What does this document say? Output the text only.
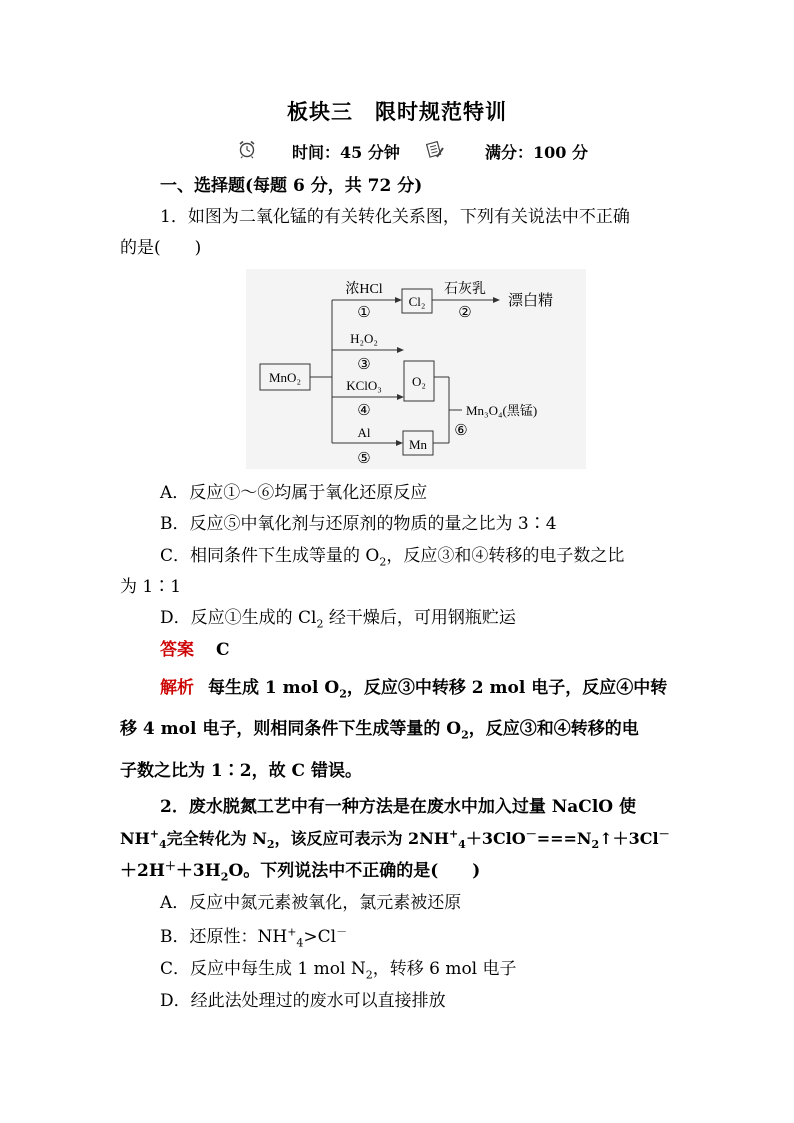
板块三　限时规范特训
时间：45 分钟	满分：100 分
一、选择题(每题 6 分，共 72 分)
1．如图为二氧化锰的有关转化关系图，下列有关说法中不正确
的是(　　)
MnO₂
Cl₂
O₂
Mn
浓HCl
①
石灰乳
②
漂白精
H₂O₂
③
KClO₃
④
Al
⑤
⑥
Mn₃O₄(黑锰)
A．反应①～⑥均属于氧化还原反应
B．反应⑤中氧化剂与还原剂的物质的量之比为 3∶4
C．相同条件下生成等量的 $O_2$，反应③和④转移的电子数之比
为 1∶1
D．反应①生成的 $Cl_2$ 经干燥后，可用钢瓶贮运
答案 C
解析 每生成 1 mol $O_2$，反应③中转移 2 mol 电子，反应④中转
移 4 mol 电子，则相同条件下生成等量的 $O_2$，反应③和④转移的电
子数之比为 1∶2，故 C 错误。
2．废水脱氮工艺中有一种方法是在废水中加入过量 NaClO 使
$NH^+_4$完全转化为 $N_2$，该反应可表示为 $2NH^+_4+3ClO^-===N_2↑+3Cl^-$
$+2H^++3H_2O$。下列说法中不正确的是(　　)
A．反应中氮元素被氧化，氯元素被还原
B．还原性：$NH^+_4>Cl^-$
C．反应中每生成 1 mol $N_2$，转移 6 mol 电子
D．经此法处理过的废水可以直接排放
